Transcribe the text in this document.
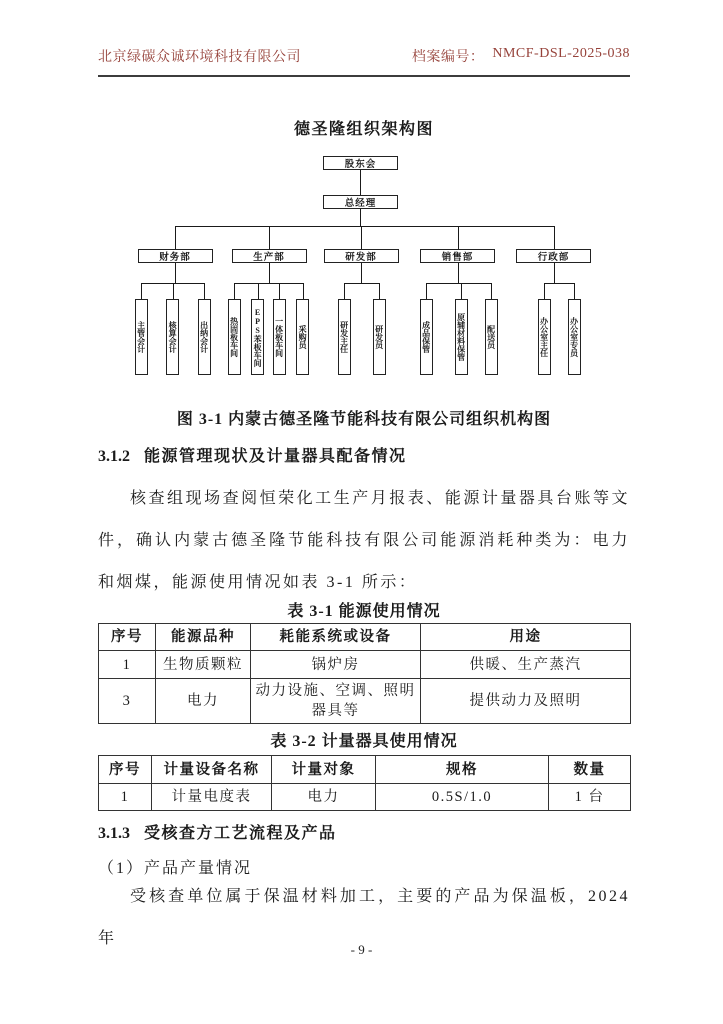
北京绿碳众诚环境科技有限公司	档案编号： NMCF-DSL-2025-038
德圣隆组织架构图
股东会
总经理
财务部	生产部	研发部	销售部	行政部
主管会计	核算会计	出纳会计	热固板车间 EPS苯板车间 一体板车间 采购员	研发主任	研发员	成品保管	原辅材料保管	配送员	办公室主任	办公室专员
图 3-1 内蒙古德圣隆节能科技有限公司组织机构图
3.1.2 能源管理现状及计量器具配备情况
核查组现场查阅恒荣化工生产月报表、能源计量器具台账等文件，确认内蒙古德圣隆节能科技有限公司能源消耗种类为：电力和烟煤，能源使用情况如表 3-1 所示：
表 3-1 能源使用情况
序号	能源品种	耗能系统或设备	用途
1	生物质颗粒	锅炉房	供暖、生产蒸汽
3	电力	动力设施、空调、照明器具等	提供动力及照明
表 3-2 计量器具使用情况
序号	计量设备名称	计量对象	规格	数量
1	计量电度表	电力	0.5S/1.0	1 台
3.1.3 受核查方工艺流程及产品
（1）产品产量情况
受核查单位属于保温材料加工，主要的产品为保温板，2024 年
- 9 -
